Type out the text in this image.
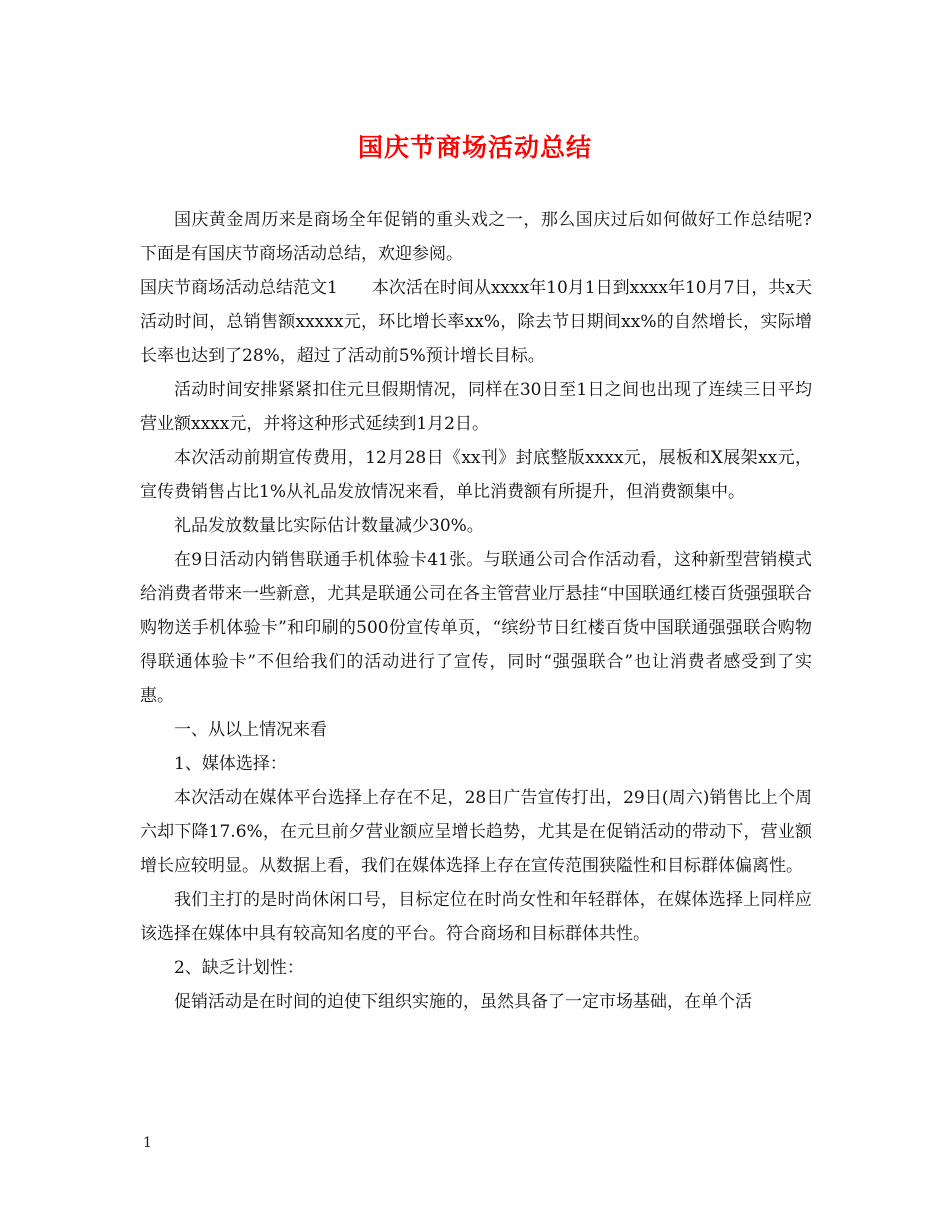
国庆节商场活动总结

国庆黄金周历来是商场全年促销的重头戏之一，那么国庆过后如何做好工作总结呢?下面是有国庆节商场活动总结，欢迎参阅。

国庆节商场活动总结范文1　　本次活在时间从xxxx年10月1日到xxxx年10月7日，共x天活动时间，总销售额xxxxx元，环比增长率xx%，除去节日期间xx%的自然增长，实际增长率也达到了28%，超过了活动前5%预计增长目标。

活动时间安排紧紧扣住元旦假期情况，同样在30日至1日之间也出现了连续三日平均营业额xxxx元，并将这种形式延续到1月2日。

本次活动前期宣传费用，12月28日《xx刊》封底整版xxxx元，展板和X展架xx元，宣传费销售占比1%从礼品发放情况来看，单比消费额有所提升，但消费额集中。

礼品发放数量比实际估计数量减少30%。

在9日活动内销售联通手机体验卡41张。与联通公司合作活动看，这种新型营销模式给消费者带来一些新意，尤其是联通公司在各主管营业厅悬挂“中国联通红楼百货强强联合购物送手机体验卡”和印刷的500份宣传单页，“缤纷节日红楼百货中国联通强强联合购物得联通体验卡”不但给我们的活动进行了宣传，同时“强强联合”也让消费者感受到了实惠。

一、从以上情况来看

1、媒体选择：

本次活动在媒体平台选择上存在不足，28日广告宣传打出，29日(周六)销售比上个周六却下降17.6%，在元旦前夕营业额应呈增长趋势，尤其是在促销活动的带动下，营业额增长应较明显。从数据上看，我们在媒体选择上存在宣传范围狭隘性和目标群体偏离性。

我们主打的是时尚休闲口号，目标定位在时尚女性和年轻群体，在媒体选择上同样应该选择在媒体中具有较高知名度的平台。符合商场和目标群体共性。

2、缺乏计划性：

促销活动是在时间的迫使下组织实施的，虽然具备了一定市场基础，在单个活

1
